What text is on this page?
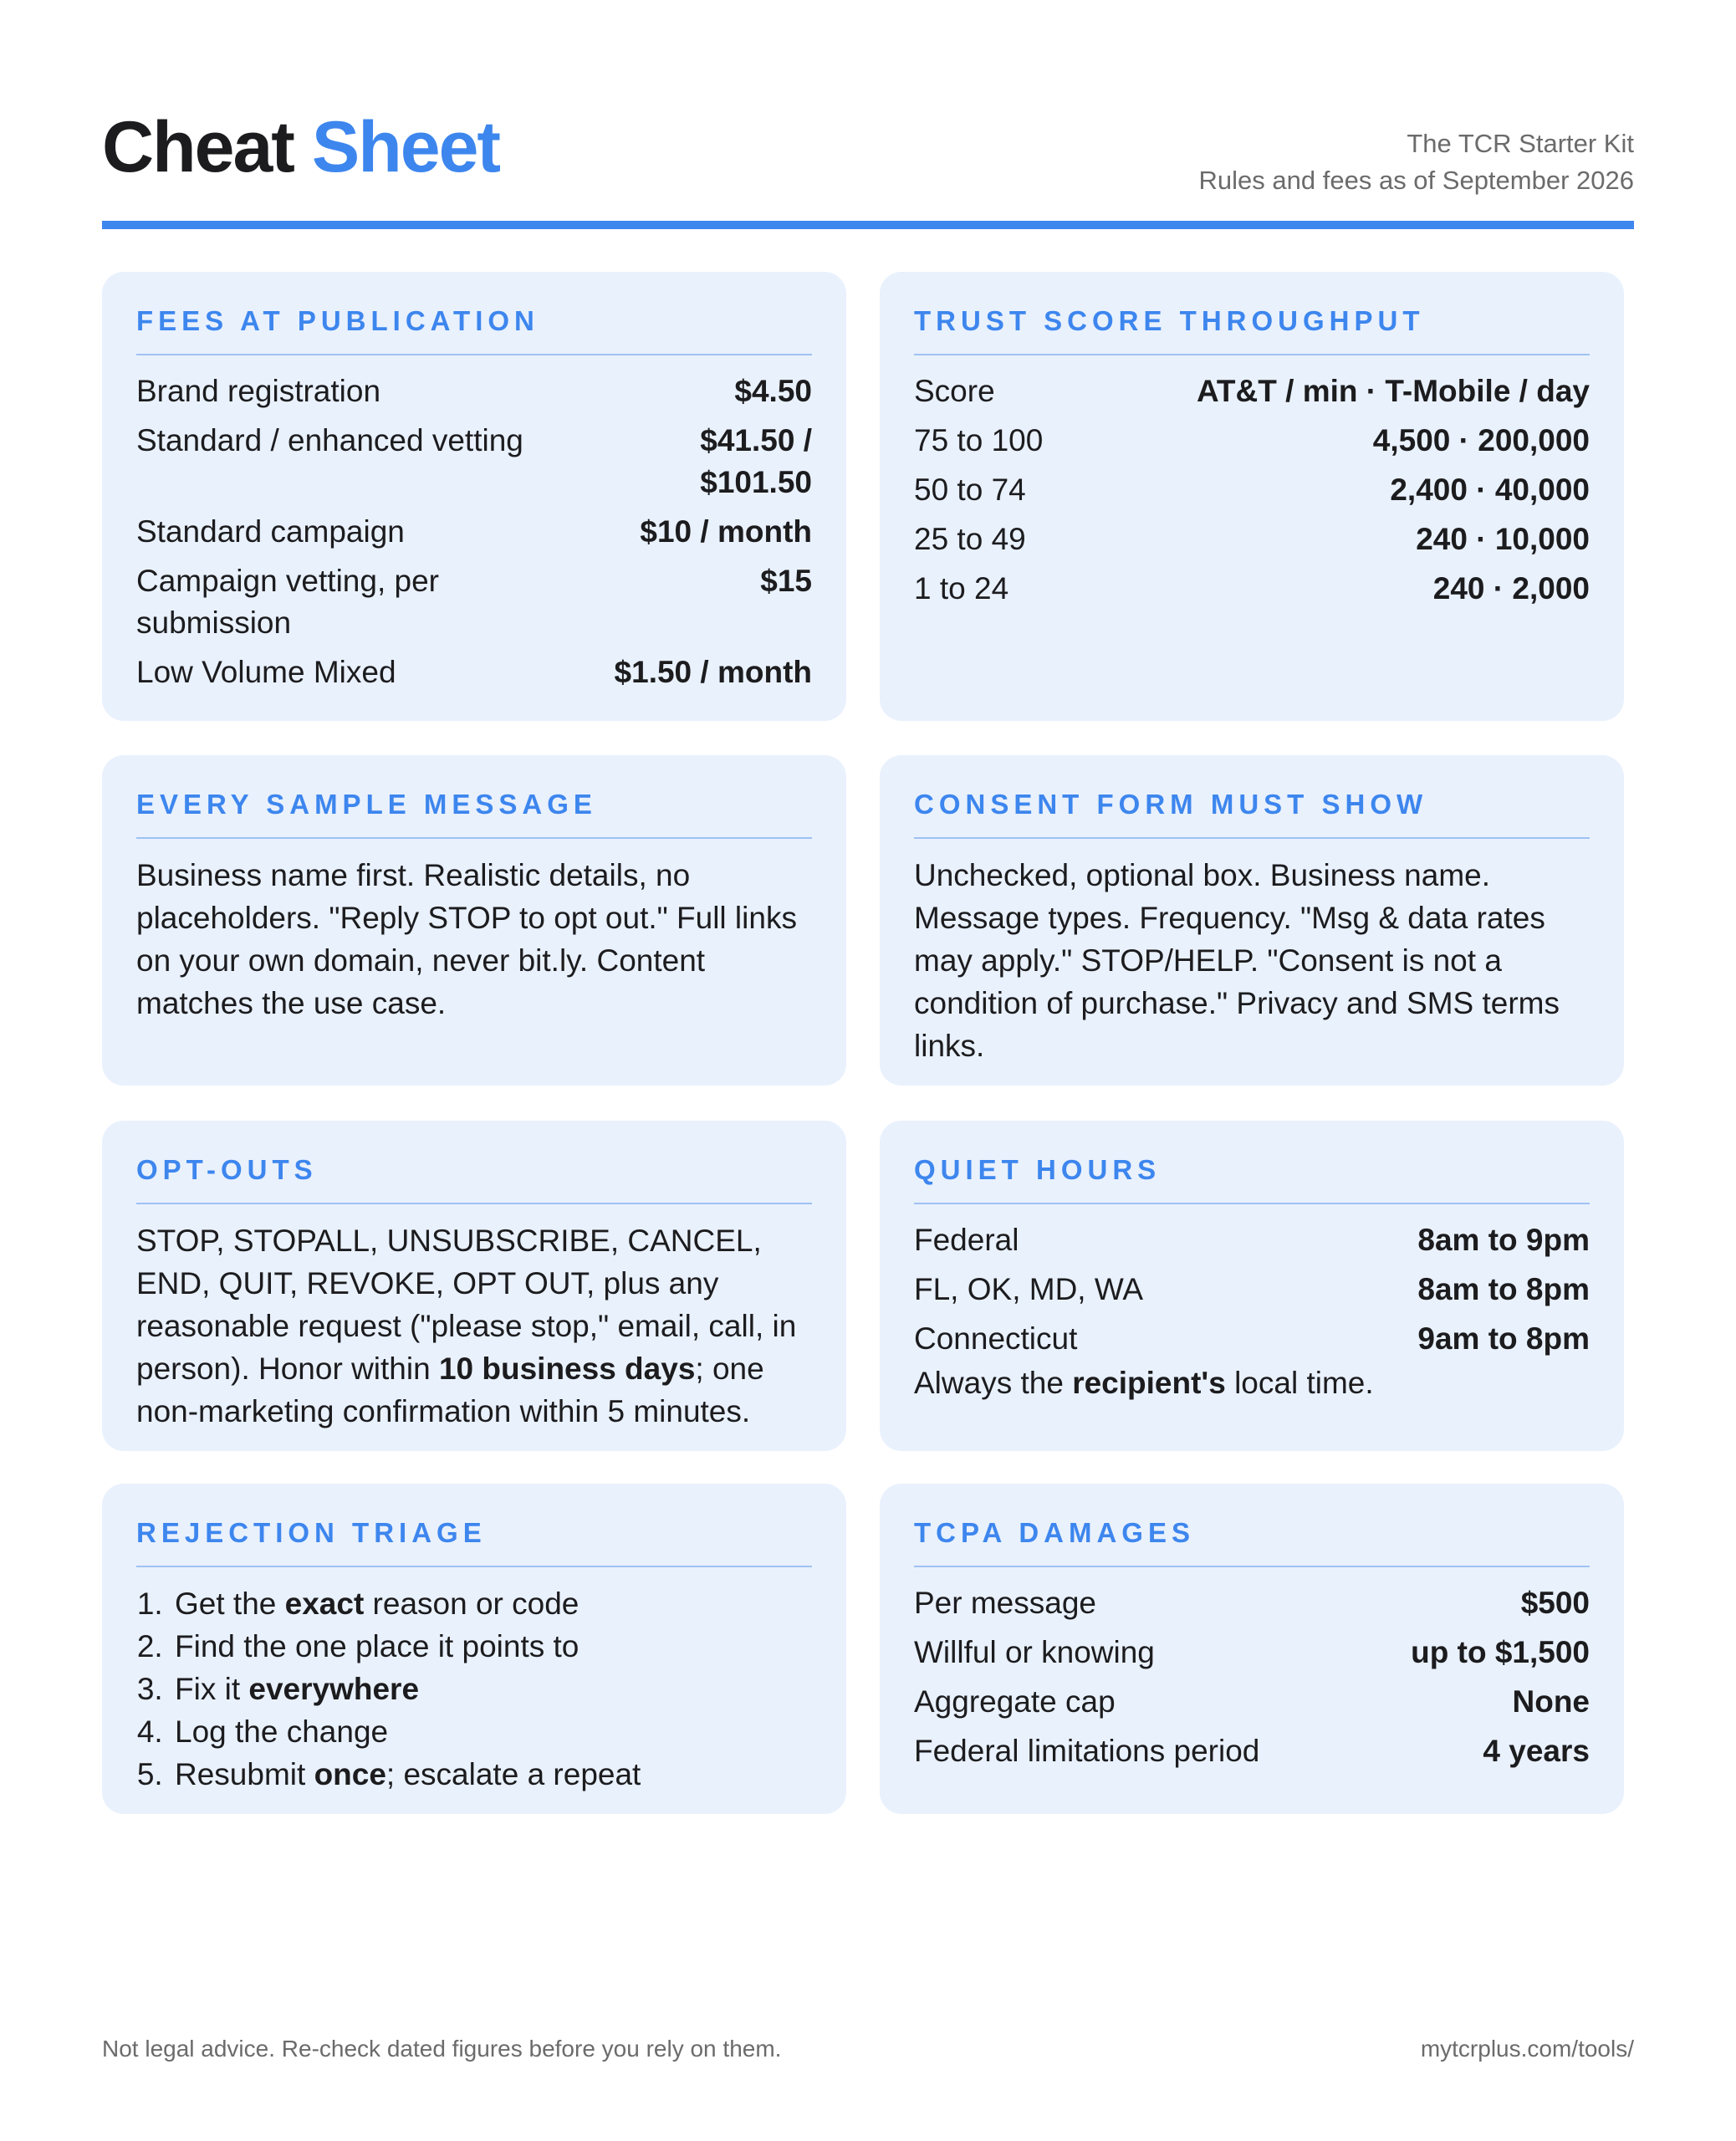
Cheat Sheet	The TCR Starter Kit
Rules and fees as of September 2026
FEES AT PUBLICATION
Brand registration	$4.50
Standard / enhanced vetting	$41.50 /
$101.50
Standard campaign	$10 / month
Campaign vetting, per submission
$15
Low Volume Mixed	$1.50 / month
TRUST SCORE THROUGHPUT
Score	AT&T / min · T-Mobile / day
75 to 100	4,500 · 200,000
50 to 74	2,400 · 40,000
25 to 49	240 · 10,000
1 to 24	240 · 2,000
EVERY SAMPLE MESSAGE

Business name first. Realistic details, no placeholders. "Reply STOP to opt out." Full links on your own domain, never bit.ly. Content matches the use case.

CONSENT FORM MUST SHOW

Unchecked, optional box. Business name. Message types. Frequency. "Msg & data rates may apply." STOP/HELP. "Consent is not a condition of purchase." Privacy and SMS terms links.

OPT-OUTS

STOP, STOPALL, UNSUBSCRIBE, CANCEL, END, QUIT, REVOKE, OPT OUT, plus any reasonable request ("please stop," email, call, in person). Honor within 10 business days; one non-marketing confirmation within 5 minutes.

QUIET HOURS
Federal	8am to 9pm
FL, OK, MD, WA	8am to 8pm
Connecticut	9am to 8pm

Always the recipient's local time.

REJECTION TRIAGE
1. Get the exact reason or code
2. Find the one place it points to
3. Fix it everywhere
4. Log the change
5. Resubmit once; escalate a repeat
TCPA DAMAGES
Per message	$500
Willful or knowing	up to $1,500
Aggregate cap	None
Federal limitations period	4 years
Not legal advice. Re-check dated figures before you rely on them.	mytcrplus.com/tools/
